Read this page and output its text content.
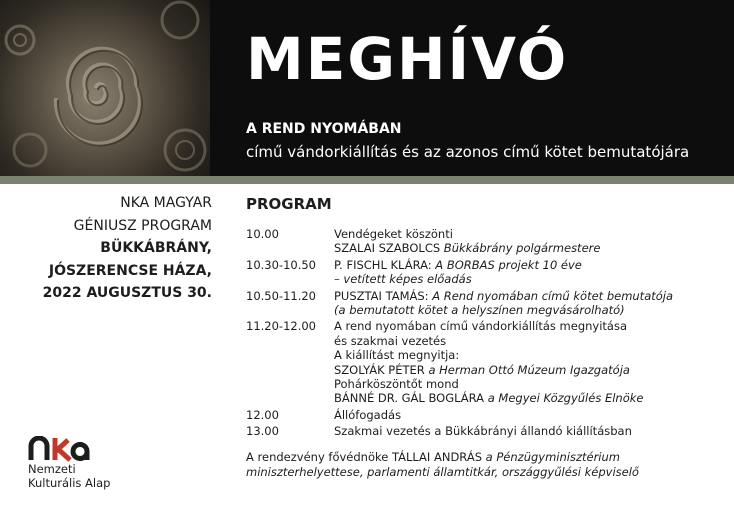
MEGHÍVÓ
A REND NYOMÁBAN
című vándorkiállítás és az azonos című kötet bemutatójára
NKA MAGYAR
GÉNIUSZ PROGRAM
BÜKKÁBRÁNY,
JÓSZERENCSE HÁZA,
2022 AUGUSZTUS 30.
PROGRAM
10.00	Vendégeket köszönti
SZALAI SZABOLCS Bükkábrány polgármestere
10.30-10.50	P. FISCHL KLÁRA: A BORBAS projekt 10 éve
– vetített képes előadás
10.50-11.20	PUSZTAI TAMÁS: A Rend nyomában című kötet bemutatója
(a bemutatott kötet a helyszínen megvásárolható)
11.20-12.00	A rend nyomában című vándorkiállítás megnyitása
és szakmai vezetés
A kiállítást megnyitja:
SZOLYÁK PÉTER a Herman Ottó Múzeum Igazgatója
Pohárköszöntőt mond
BÁNNÉ DR. GÁL BOGLÁRA a Megyei Közgyűlés Elnöke
12.00	Állófogadás
13.00	Szakmai vezetés a Bükkábrányi állandó kiállításban
A rendezvény fővédnöke TÁLLAI ANDRÁS a Pénzügyminisztérium
miniszterhelyettese, parlamenti államtitkár, országgyűlési képviselő
Nemzeti
Kulturális Alap
